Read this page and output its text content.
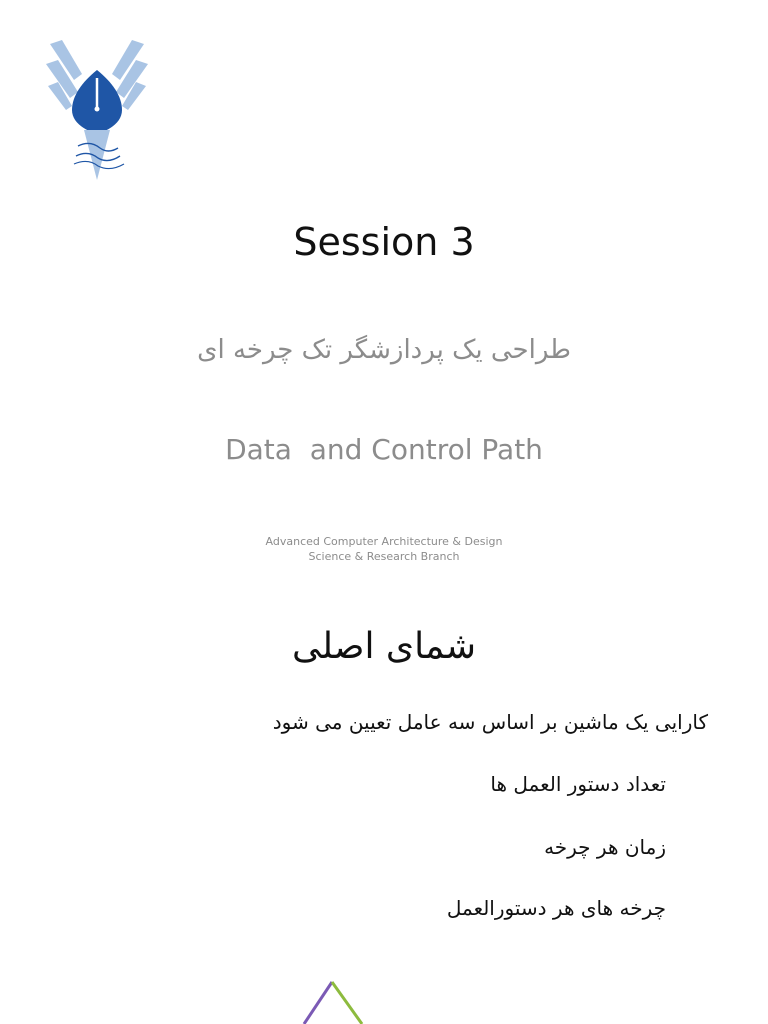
Session 3
طراحی یک پردازشگر تک چرخه ای
Data  and Control Path
Advanced Computer Architecture & Design
Science & Research Branch
شمای اصلی
کارایی یک ماشین بر اساس سه عامل تعیین می شود
تعداد دستور العمل ها
زمان هر چرخه
چرخه های هر دستورالعمل
